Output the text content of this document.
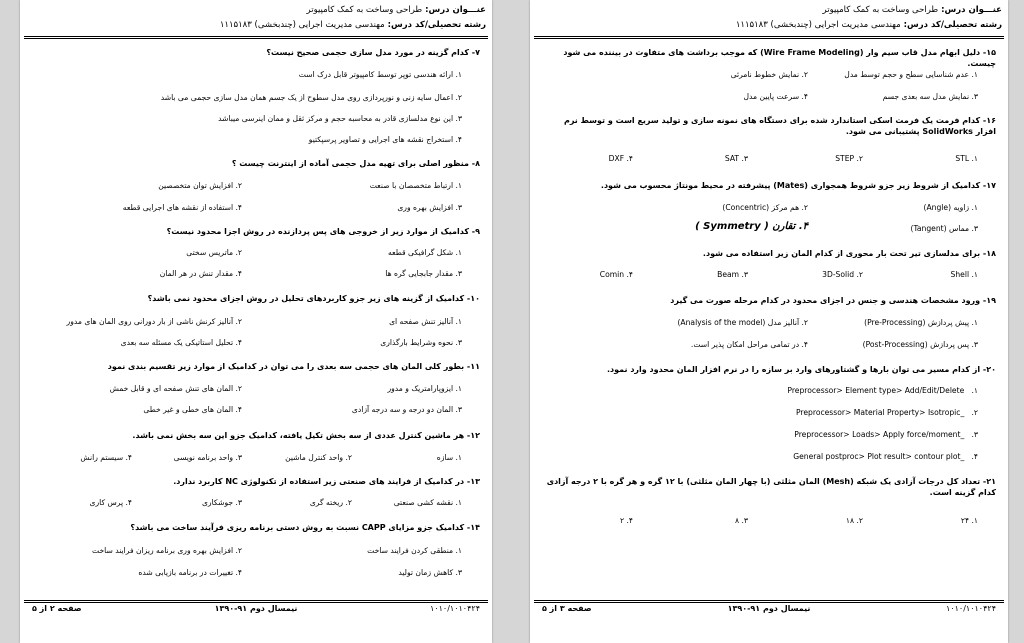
عنـــوان درس: طراحی وساخت به کمک کامپیوتر
رشته تحصیلی/کد درس: مهندسی مدیریت اجرایی (چندبخشی) ۱۱۱۵۱۸۳
۷- کدام گزینه در مورد مدل سازی حجمی صحیح نیست؟
۱. ارائه هندسی توپر توسط کامپیوتر قابل درک است
۲. اعمال سایه زنی و نورپردازی روی مدل سطوح از یک جسم همان مدل سازی حجمی می باشد
۳. این نوع مدلسازی قادر به محاسبه حجم و مرکز ثقل و ممان اینرسی میباشد
۴. استخراج نقشه های اجرایی و تصاویر پرسپکتیو
۸- منظور اصلی برای تهیه مدل حجمی آماده از اینترنت چیست ؟
۱. ارتباط متخصصان با صنعت
۲. افزایش توان متخصصین
۳. افزایش بهره وری
۴. استفاده از نقشه های اجرایی قطعه
۹- کدامیک از موارد زیر از خروجی های پس پردازنده در روش اجزا محدود نیست؟
۱. شکل گرافیکی قطعه
۲. ماتریس سختی
۳. مقدار جابجایی گره ها
۴. مقدار تنش در هر المان
۱۰- کدامیک از گزینه های زیر جزو کاربردهای تحلیل در روش اجزای محدود نمی باشد؟
۱. آنالیز تنش صفحه ای
۲. آنالیز کرنش ناشی از بار دورانی روی المان های مدور
۳. نحوه وشرایط بارگذاری
۴. تحلیل استاتیکی یک مسئله سه بعدی
۱۱- بطور کلی المان های حجمی سه بعدی را می توان در کدامیک از موارد زیر تقسیم بندی نمود
۱. ایزوپارامتریک و مدور
۲. المان های تنش صفحه ای و قابل خمش
۳. المان دو درجه و سه درجه آزادی
۴. المان های خطی و غیر خطی
۱۲- هر ماشین کنترل عددی از سه بخش تکیل یافته، کدامیک جزو این سه بخش نمی باشد.
۱. سازه
۲. واحد کنترل ماشین
۳. واحد برنامه نویسی
۴. سیستم رانش
۱۳- در کدامیک از فرایند های صنعتی زیر استفاده از تکنولوژی NC کاربرد ندارد.
۱. نقشه کشی صنعتی
۲. ریخته گری
۳. جوشکاری
۴. پرس کاری
۱۴- کدامیک جزو مزایای CAPP نسبت به روش دستی برنامه ریزی فرآیند ساخت می باشد؟
۱. منطقی کردن فرایند ساخت
۲. افزایش بهره وری برنامه ریزان فرایند ساخت
۳. کاهش زمان تولید
۴. تغییرات در برنامه بازیابی شده
۱۰۱۰/۱۰۱۰۴۲۴
نیمسال دوم ۹۱-۱۳۹۰
صفحه ۲ از ۵
عنـــوان درس: طراحی وساخت به کمک کامپیوتر
رشته تحصیلی/کد درس: مهندسی مدیریت اجرایی (چندبخشی) ۱۱۱۵۱۸۳
۱۵- دلیل ابهام مدل قاب سیم وار (Wire Frame Modeling) که موجب برداشت های متفاوت در بیننده می شود چیست.
۱. عدم شناسایی سطح و حجم توسط مدل
۲. نمایش خطوط نامرئی
۳. نمایش مدل سه بعدی جسم
۴. سرعت پایین مدل
۱۶- کدام فرمت یک فرمت اسکی استاندارد شده برای دستگاه های نمونه سازی و تولید سریع است و توسط نرم افزار SolidWorks پشتیبانی می شود.
۱. STL
۲. STEP
۳. SAT
۴. DXF
۱۷- کدامیک از شروط زیر جزو شروط همجواری (Mates) پیشرفته در محیط مونتاژ محسوب می شود.
۱. زاویه (Angle)
۲. هم مرکز (Concentric)
۳. مماس (Tangent)
۴. تقارن ( Symmetry )
۱۸- برای مدلسازی تیر تحت بار محوری از کدام المان زیر استفاده می شود.
۱. Shell
۲. 3D-Solid
۳. Beam
۴. Comin
۱۹- ورود مشخصات هندسی و جنس در اجزای محدود در کدام مرحله صورت می گیرد
۱. پیش پردازش (Pre-Processing)
۲. آنالیز مدل (Analysis of the model)
۳. پس پردازش (Post-Processing)
۴. در تمامی مراحل امکان پذیر است.
۲۰- از کدام مسیر می توان بارها و گشتاورهای وارد بر سازه را در نرم افزار المان محدود وارد نمود.
Preprocessor> Element type> Add/Edit/Delete   .۱
Preprocessor> Material Property> Isotropic_   .۲
Preprocessor> Loads> Apply force/moment_   .۳
General postproc> Plot result> contour plot_   .۴
۲۱- تعداد کل درجات آزادی یک شبکه (Mesh) المان مثلثی (با چهار المان مثلثی) با ۱۲ گره و هر گره با ۲ درجه آزادی کدام گزینه است.
۱. ۲۴
۲. ۱۸
۳. ۸
۴. ۲
۱۰۱۰/۱۰۱۰۴۲۴
نیمسال دوم ۹۱-۱۳۹۰
صفحه ۳ از ۵
